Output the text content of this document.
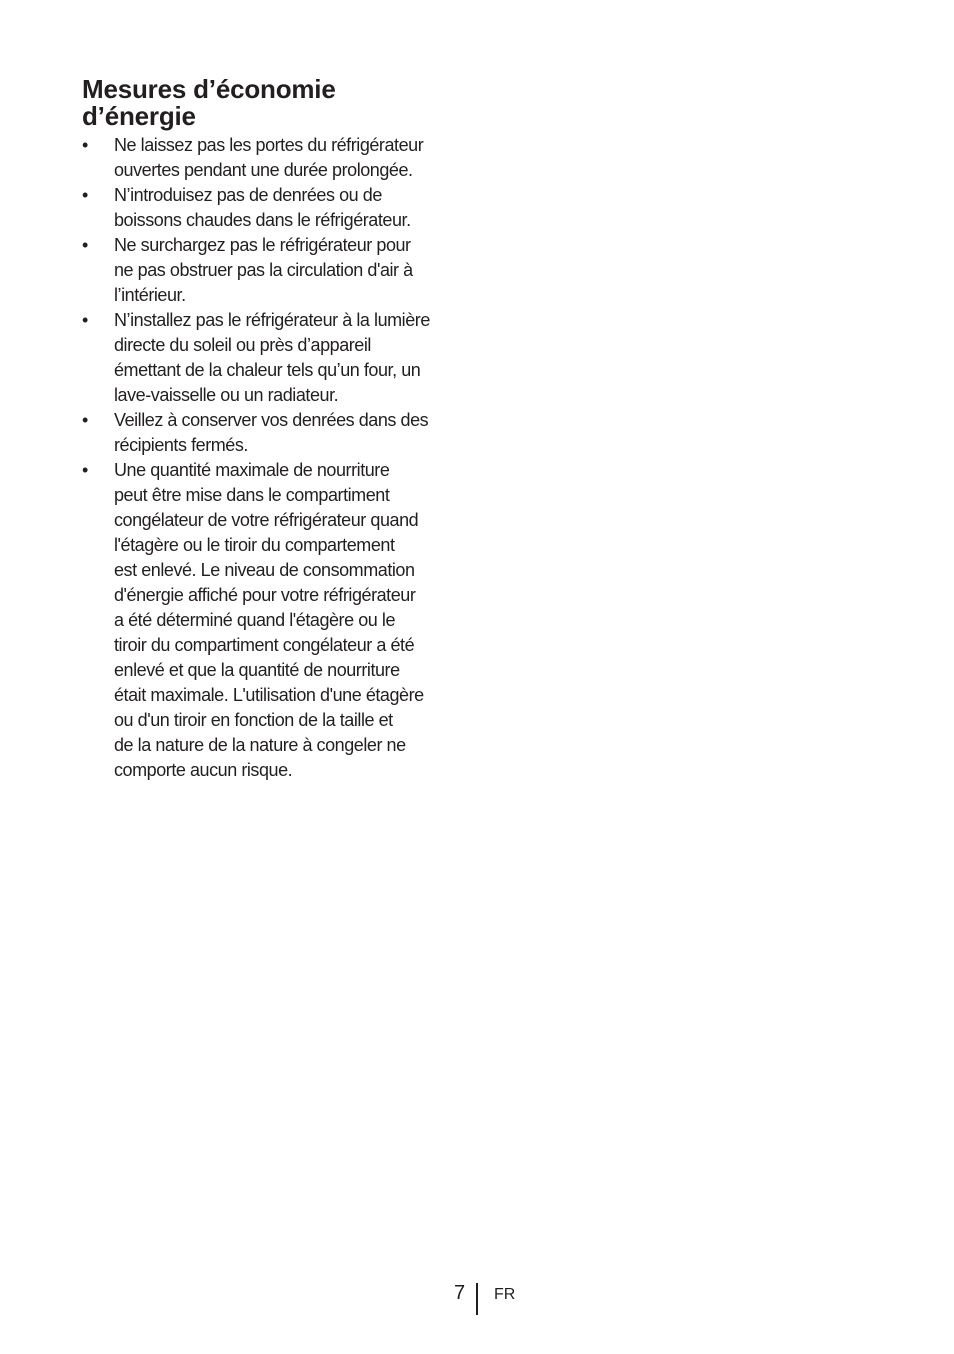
Mesures d’économie
d’énergie
• Ne laissez pas les portes du réfrigérateur
ouvertes pendant une durée prolongée.
• N’introduisez pas de denrées ou de
boissons chaudes dans le réfrigérateur.
• Ne surchargez pas le réfrigérateur pour
ne pas obstruer pas la circulation d'air à
l’intérieur.
• N’installez pas le réfrigérateur à la lumière
directe du soleil ou près d’appareil
émettant de la chaleur tels qu’un four, un
lave-vaisselle ou un radiateur.
• Veillez à conserver vos denrées dans des
récipients fermés.
• Une quantité maximale de nourriture
peut être mise dans le compartiment
congélateur de votre réfrigérateur quand
l'étagère ou le tiroir du compartement
est enlevé. Le niveau de consommation
d'énergie affiché pour votre réfrigérateur
a été déterminé quand l'étagère ou le
tiroir du compartiment congélateur a été
enlevé et que la quantité de nourriture
était maximale. L'utilisation d'une étagère
ou d'un tiroir en fonction de la taille et
de la nature de la nature à congeler ne
comporte aucun risque.
7 FR
